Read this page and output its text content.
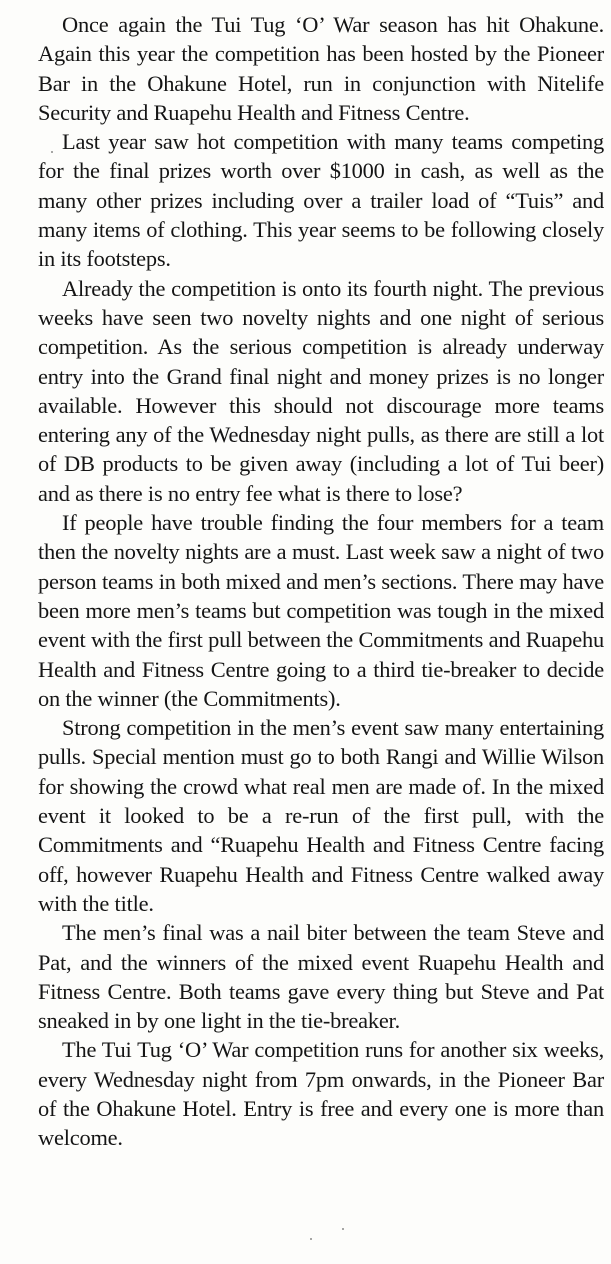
Once again the Tui Tug ‘O’ War season has hit Ohakune. Again this year the competition has been hosted by the Pioneer Bar in the Ohakune Hotel, run in conjunction with Nitelife Security and Ruapehu Health and Fitness Centre.

Last year saw hot competition with many teams competing for the final prizes worth over $1000 in cash, as well as the many other prizes including over a trailer load of “Tuis” and many items of clothing. This year seems to be following closely in its footsteps.

Already the competition is onto its fourth night. The previous weeks have seen two novelty nights and one night of serious competition. As the serious competition is already underway entry into the Grand final night and money prizes is no longer available. However this should not discourage more teams entering any of the Wednesday night pulls, as there are still a lot of DB products to be given away (including a lot of Tui beer) and as there is no entry fee what is there to lose?

If people have trouble finding the four members for a team then the novelty nights are a must. Last week saw a night of two person teams in both mixed and men’s sections. There may have been more men’s teams but competition was tough in the mixed event with the first pull between the Commitments and Ruapehu Health and Fitness Centre going to a third tie-breaker to decide on the winner (the Commitments).

Strong competition in the men’s event saw many entertaining pulls. Special mention must go to both Rangi and Willie Wilson for showing the crowd what real men are made of. In the mixed event it looked to be a re-run of the first pull, with the Commitments and “Ruapehu Health and Fitness Centre facing off, however Ruapehu Health and Fitness Centre walked away with the title.

The men’s final was a nail biter between the team Steve and Pat, and the winners of the mixed event Ruapehu Health and Fitness Centre. Both teams gave every thing but Steve and Pat sneaked in by one light in the tie-breaker.

The Tui Tug ‘O’ War competition runs for another six weeks, every Wednesday night from 7pm onwards, in the Pioneer Bar of the Ohakune Hotel. Entry is free and every one is more than welcome.
